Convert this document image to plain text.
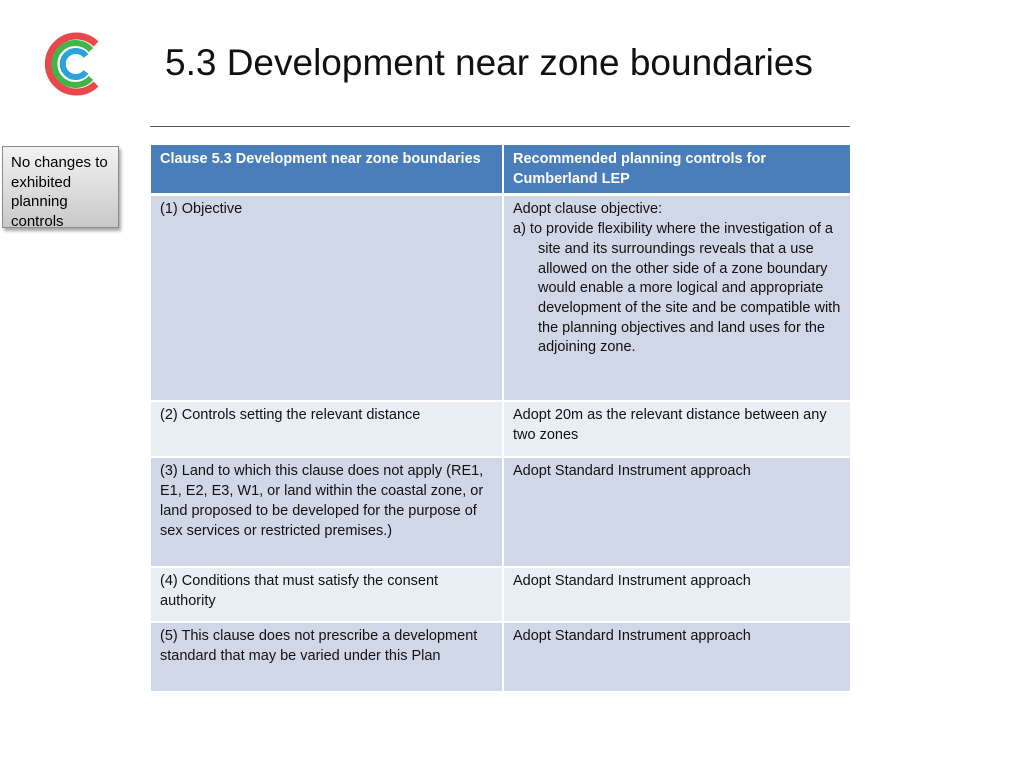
5.3 Development near zone boundaries
No changes to
exhibited
planning
controls
Clause 5.3 Development near zone boundaries	Recommended planning controls for Cumberland LEP
(1) Objective	Adopt clause objective:
a) to provide flexibility where the investigation of a site and its surroundings reveals that a use allowed on the other side of a zone boundary would enable a more logical and appropriate development of the site and be compatible with the planning objectives and land uses for the adjoining zone.

(2) Controls setting the relevant distance	Adopt 20m as the relevant distance between any two zones
(3) Land to which this clause does not apply (RE1, E1, E2, E3, W1, or land within the coastal zone, or land proposed to be developed for the purpose of sex services or restricted premises.)	Adopt Standard Instrument approach
(4) Conditions that must satisfy the consent authority	Adopt Standard Instrument approach
(5) This clause does not prescribe a development standard that may be varied under this Plan	Adopt Standard Instrument approach
